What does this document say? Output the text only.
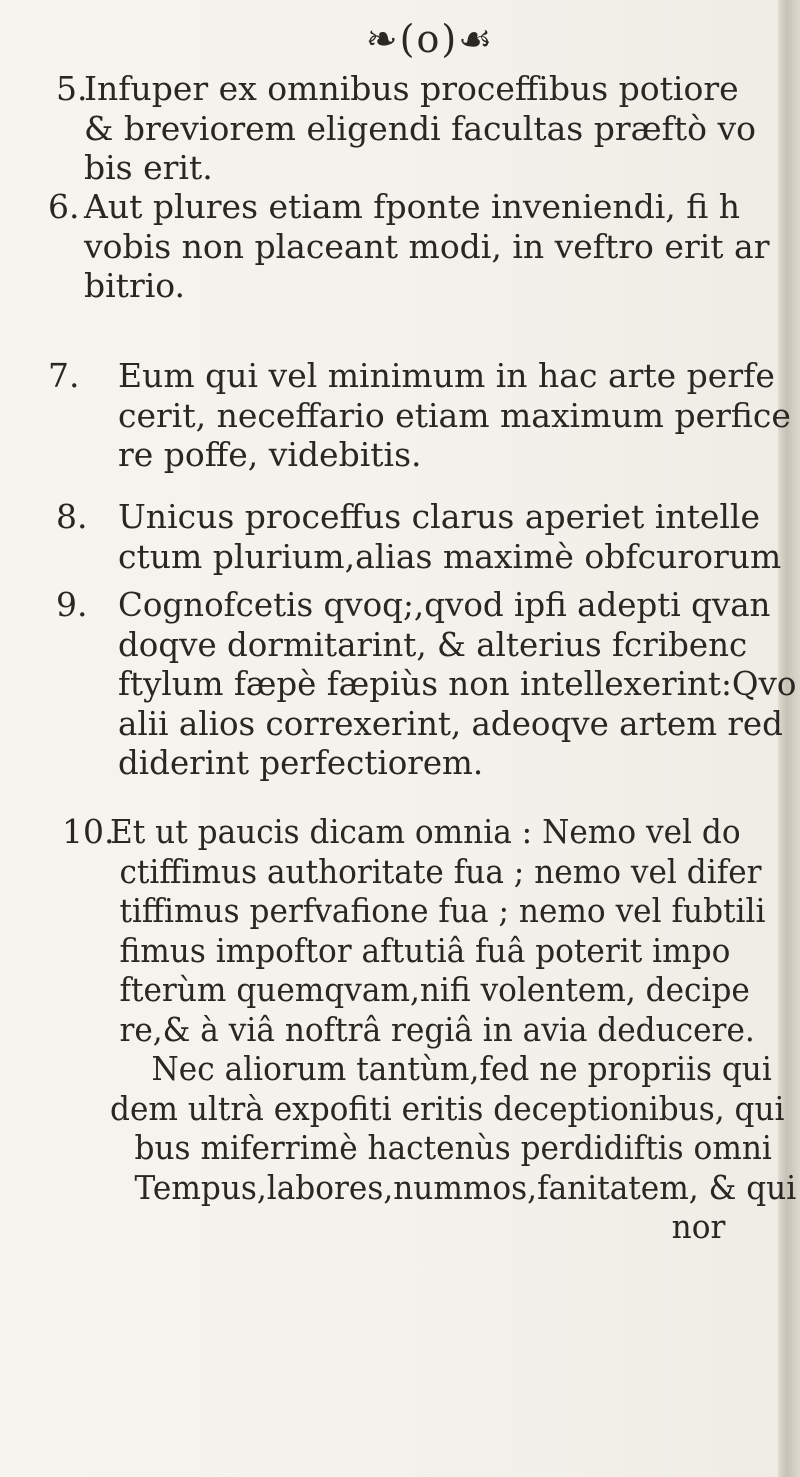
❧(o)☙
5.
Infuper ex omnibus proceffibus potiore
& breviorem eligendi facultas præftò vo
bis erit.
6. Aut plures etiam fponte inveniendi, fi h
vobis non placeant modi, in veftro erit ar
bitrio.
7. Eum qui vel minimum in hac arte perfe
cerit, neceffario etiam maximum perfice
re poffe, videbitis.
8. Unicus proceffus clarus aperiet intelle
ctum plurium,alias maximè obfcurorum
9. Cognofcetis qvoq;,qvod ipfi adepti qvan
doqve dormitarint, & alterius fcribenc
ftylum fæpè fæpiùs non intellexerint:Qvo
alii alios correxerint, adeoqve artem red
diderint perfectiorem.
10.
Et ut paucis dicam omnia : Nemo vel do
ctiffimus authoritate fua ; nemo vel difer
tiffimus perfvafione fua ; nemo vel fubtili
fimus impoftor aftutiâ fuâ poterit impo
fterùm quemqvam,nifi volentem, decipe
re,& à viâ noftrâ regiâ in avia deducere.
Nec aliorum tantùm,fed ne propriis qui
dem ultrà expofiti eritis deceptionibus, qui
bus miferrimè hactenùs perdidiftis omni
Tempus,labores,nummos,fanitatem, & qui
nor
